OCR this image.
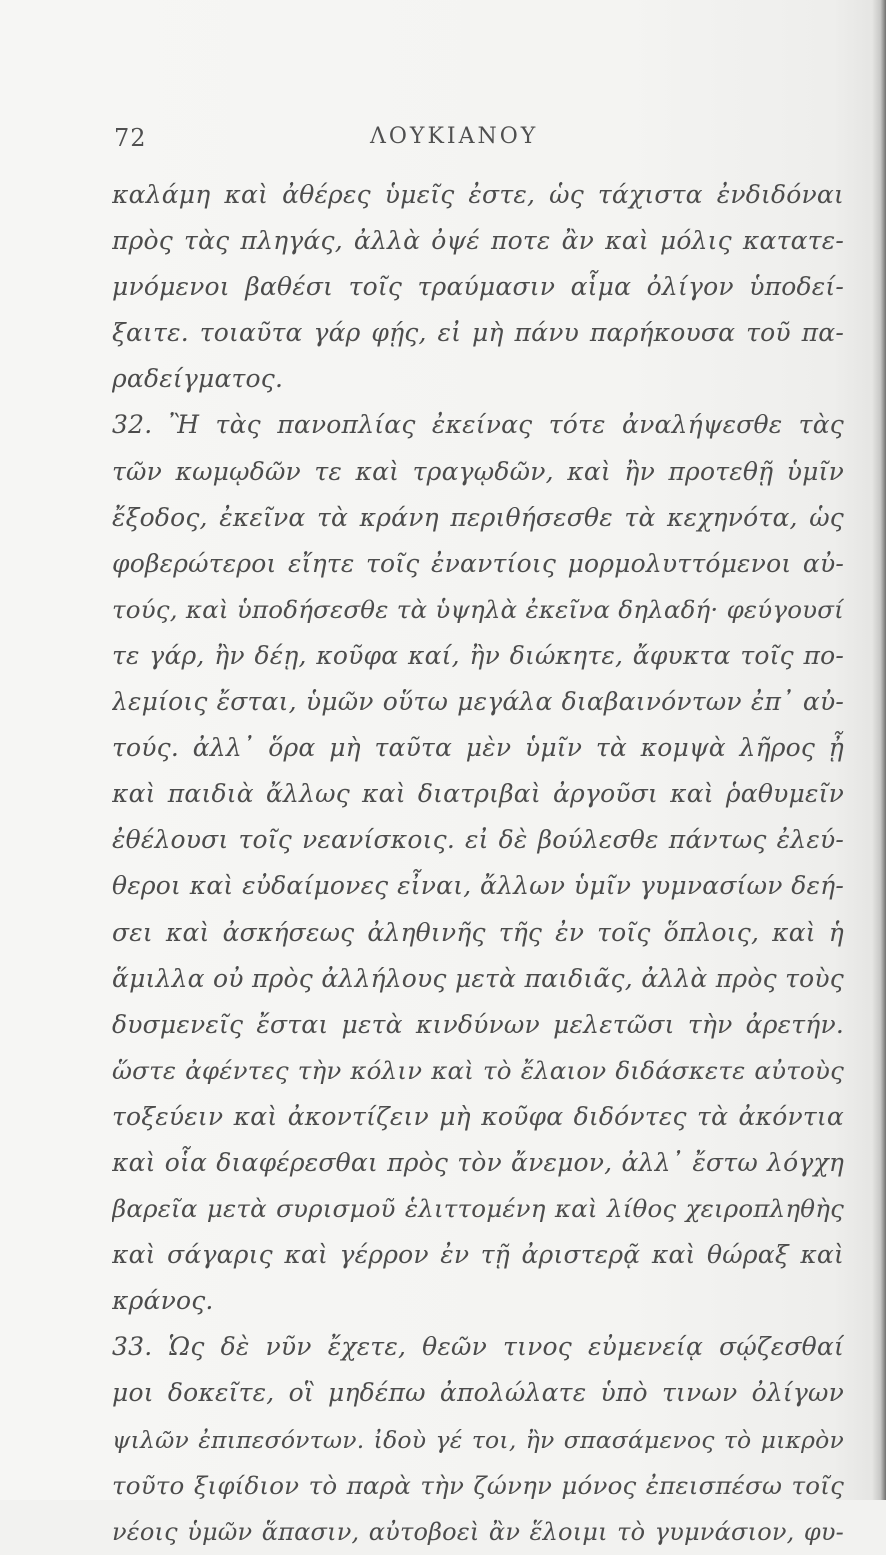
72	ΛΟΥΚΙΑΝΟΥ
καλάμη καὶ ἀθέρες ὑμεῖς ἐστε, ὡς τάχιστα ἐνδιδόναι
πρὸς τὰς πληγάς, ἀλλὰ ὀψέ ποτε ἂν καὶ μόλις κατατε-
μνόμενοι βαθέσι τοῖς τραύμασιν αἷμα ὀλίγον ὑποδεί-
ξαιτε. τοιαῦτα γάρ φῄς, εἰ μὴ πάνυ παρήκουσα τοῦ πα-
ραδείγματος.
32. Ἢ τὰς πανοπλίας ἐκείνας τότε ἀναλήψεσθε τὰς
τῶν κωμῳδῶν τε καὶ τραγῳδῶν, καὶ ἢν προτεθῇ ὑμῖν
ἔξοδος, ἐκεῖνα τὰ κράνη περιθήσεσθε τὰ κεχηνότα, ὡς
φοβερώτεροι εἴητε τοῖς ἐναντίοις μορμολυττόμενοι αὐ-
τούς, καὶ ὑποδήσεσθε τὰ ὑψηλὰ ἐκεῖνα δηλαδή· φεύγουσί
τε γάρ, ἢν δέῃ, κοῦφα καί, ἢν διώκητε, ἄφυκτα τοῖς πο-
λεμίοις ἔσται, ὑμῶν οὕτω μεγάλα διαβαινόντων ἐπ᾽ αὐ-
τούς. ἀλλ᾽ ὅρα μὴ ταῦτα μὲν ὑμῖν τὰ κομψὰ λῆρος ᾖ
καὶ παιδιὰ ἄλλως καὶ διατριβαὶ ἀργοῦσι καὶ ῥαθυμεῖν
ἐθέλουσι τοῖς νεανίσκοις. εἰ δὲ βούλεσθε πάντως ἐλεύ-
θεροι καὶ εὐδαίμονες εἶναι, ἄλλων ὑμῖν γυμνασίων δεή-
σει καὶ ἀσκήσεως ἀληθινῆς τῆς ἐν τοῖς ὅπλοις, καὶ ἡ
ἅμιλλα οὐ πρὸς ἀλλήλους μετὰ παιδιᾶς, ἀλλὰ πρὸς τοὺς
δυσμενεῖς ἔσται μετὰ κινδύνων μελετῶσι τὴν ἀρετήν.
ὥστε ἀφέντες τὴν κόλιν καὶ τὸ ἔλαιον διδάσκετε αὐτοὺς
τοξεύειν καὶ ἀκοντίζειν μὴ κοῦφα διδόντες τὰ ἀκόντια
καὶ οἷα διαφέρεσθαι πρὸς τὸν ἄνεμον, ἀλλ᾽ ἔστω λόγχη
βαρεῖα μετὰ συρισμοῦ ἑλιττομένη καὶ λίθος χειροπληθὴς
καὶ σάγαρις καὶ γέρρον ἐν τῇ ἀριστερᾷ καὶ θώραξ καὶ
κράνος.
33. Ὡς δὲ νῦν ἔχετε, θεῶν τινος εὐμενείᾳ σῴζεσθαί
μοι δοκεῖτε, οἳ μηδέπω ἀπολώλατε ὑπὸ τινων ὀλίγων
ψιλῶν ἐπιπεσόντων. ἰδοὺ γέ τοι, ἢν σπασάμενος τὸ μικρὸν
τοῦτο ξιφίδιον τὸ παρὰ τὴν ζώνην μόνος ἐπεισπέσω τοῖς
νέοις ὑμῶν ἅπασιν, αὐτοβοεὶ ἂν ἕλοιμι τὸ γυμνάσιον, φυ-
